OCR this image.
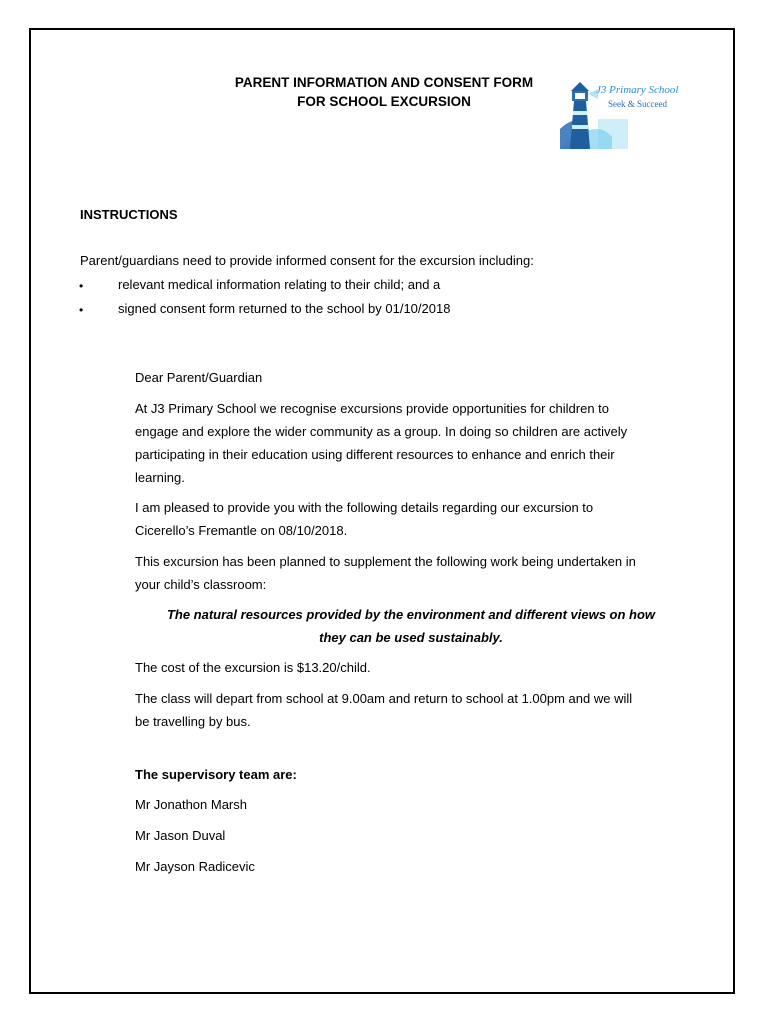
PARENT INFORMATION AND CONSENT FORM
FOR SCHOOL EXCURSION
J3 Primary School
Seek & Succeed
INSTRUCTIONS
Parent/guardians need to provide informed consent for the excursion including:
•	relevant medical information relating to their child; and a
•	signed consent form returned to the school by 01/10/2018

Dear Parent/Guardian

At J3 Primary School we recognise excursions provide opportunities for children to

engage and explore the wider community as a group. In doing so children are actively

participating in their education using different resources to enhance and enrich their

learning.

I am pleased to provide you with the following details regarding our excursion to

Cicerello’s Fremantle on 08/10/2018.

This excursion has been planned to supplement the following work being undertaken in

your child’s classroom:

The natural resources provided by the environment and different views on how

they can be used sustainably.

The cost of the excursion is $13.20/child.

The class will depart from school at 9.00am and return to school at 1.00pm and we will

be travelling by bus.

The supervisory team are:

Mr Jonathon Marsh

Mr Jason Duval

Mr Jayson Radicevic
